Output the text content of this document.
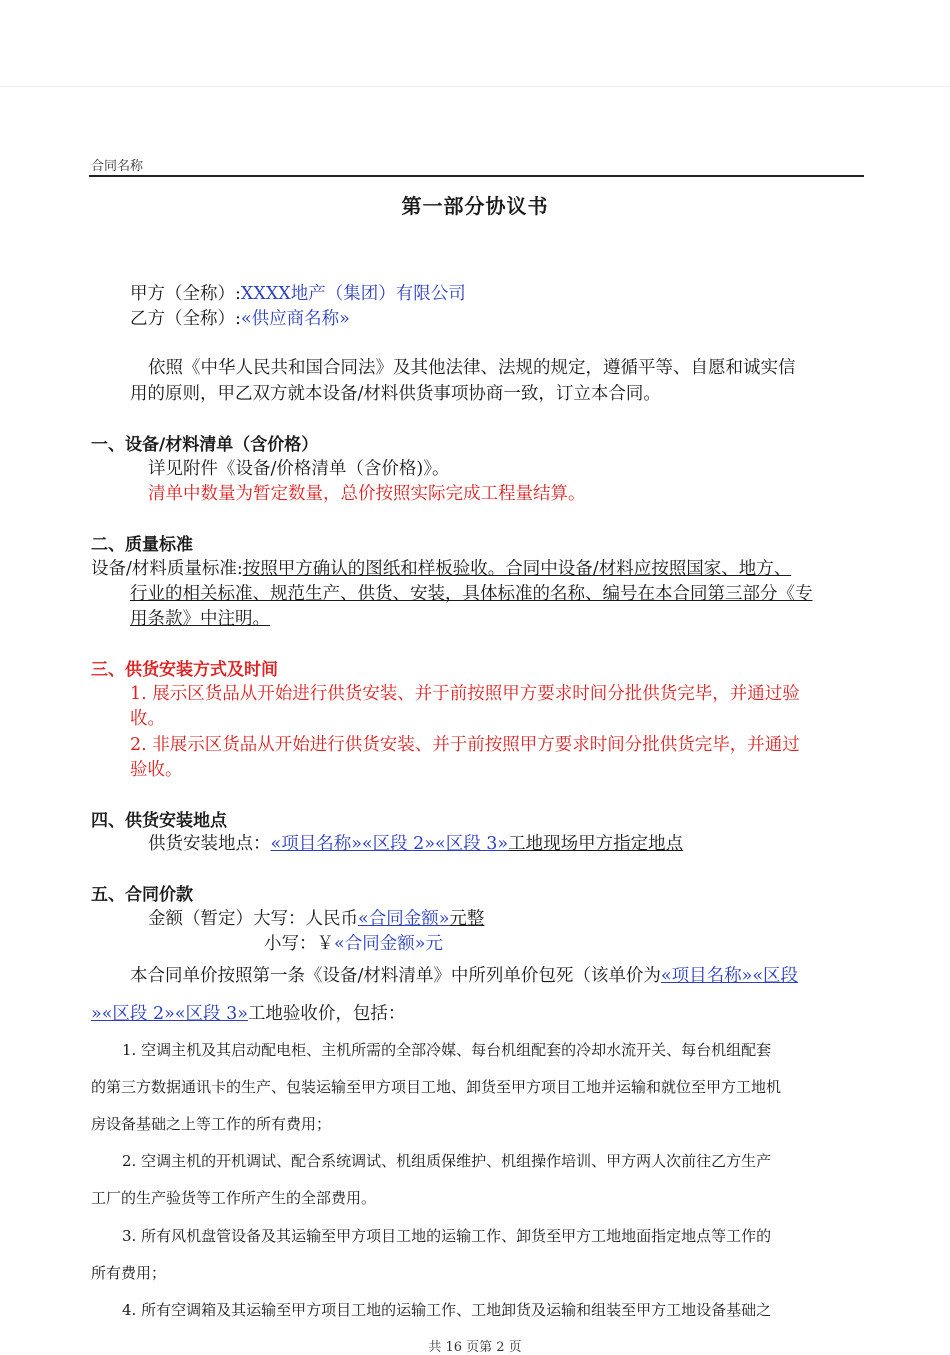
合同名称
第一部分协议书
甲方（全称）:XXXX地产（集团）有限公司
乙方（全称）:«供应商名称»
依照《中华人民共和国合同法》及其他法律、法规的规定，遵循平等、自愿和诚实信
用的原则，甲乙双方就本设备/材料供货事项协商一致，订立本合同。
一、设备/材料清单（含价格）
详见附件《设备/价格清单（含价格)》。
清单中数量为暂定数量，总价按照实际完成工程量结算。
二、质量标准
设备/材料质量标准:按照甲方确认的图纸和样板验收。合同中设备/材料应按照国家、地方、
行业的相关标准、规范生产、供货、安装，具体标准的名称、编号在本合同第三部分《专
用条款》中注明。
三、供货安装方式及时间
1. 展示区货品从开始进行供货安装、并于前按照甲方要求时间分批供货完毕，并通过验
收。
2. 非展示区货品从开始进行供货安装、并于前按照甲方要求时间分批供货完毕，并通过
验收。
四、供货安装地点
供货安装地点：«项目名称»«区段 2»«区段 3»工地现场甲方指定地点
五、合同价款
金额（暂定）大写：人民币«合同金额»元整
小写：￥«合同金额»元
本合同单价按照第一条《设备/材料清单》中所列单价包死（该单价为«项目名称»«区段
»«区段 2»«区段 3»工地验收价，包括：
1. 空调主机及其启动配电柜、主机所需的全部冷媒、每台机组配套的冷却水流开关、每台机组配套
的第三方数据通讯卡的生产、包装运输至甲方项目工地、卸货至甲方项目工地并运输和就位至甲方工地机
房设备基础之上等工作的所有费用；
2. 空调主机的开机调试、配合系统调试、机组质保维护、机组操作培训、甲方两人次前往乙方生产
工厂的生产验货等工作所产生的全部费用。
3. 所有风机盘管设备及其运输至甲方项目工地的运输工作、卸货至甲方工地地面指定地点等工作的
所有费用；
4. 所有空调箱及其运输至甲方项目工地的运输工作、工地卸货及运输和组装至甲方工地设备基础之
共 16 页第 2 页
